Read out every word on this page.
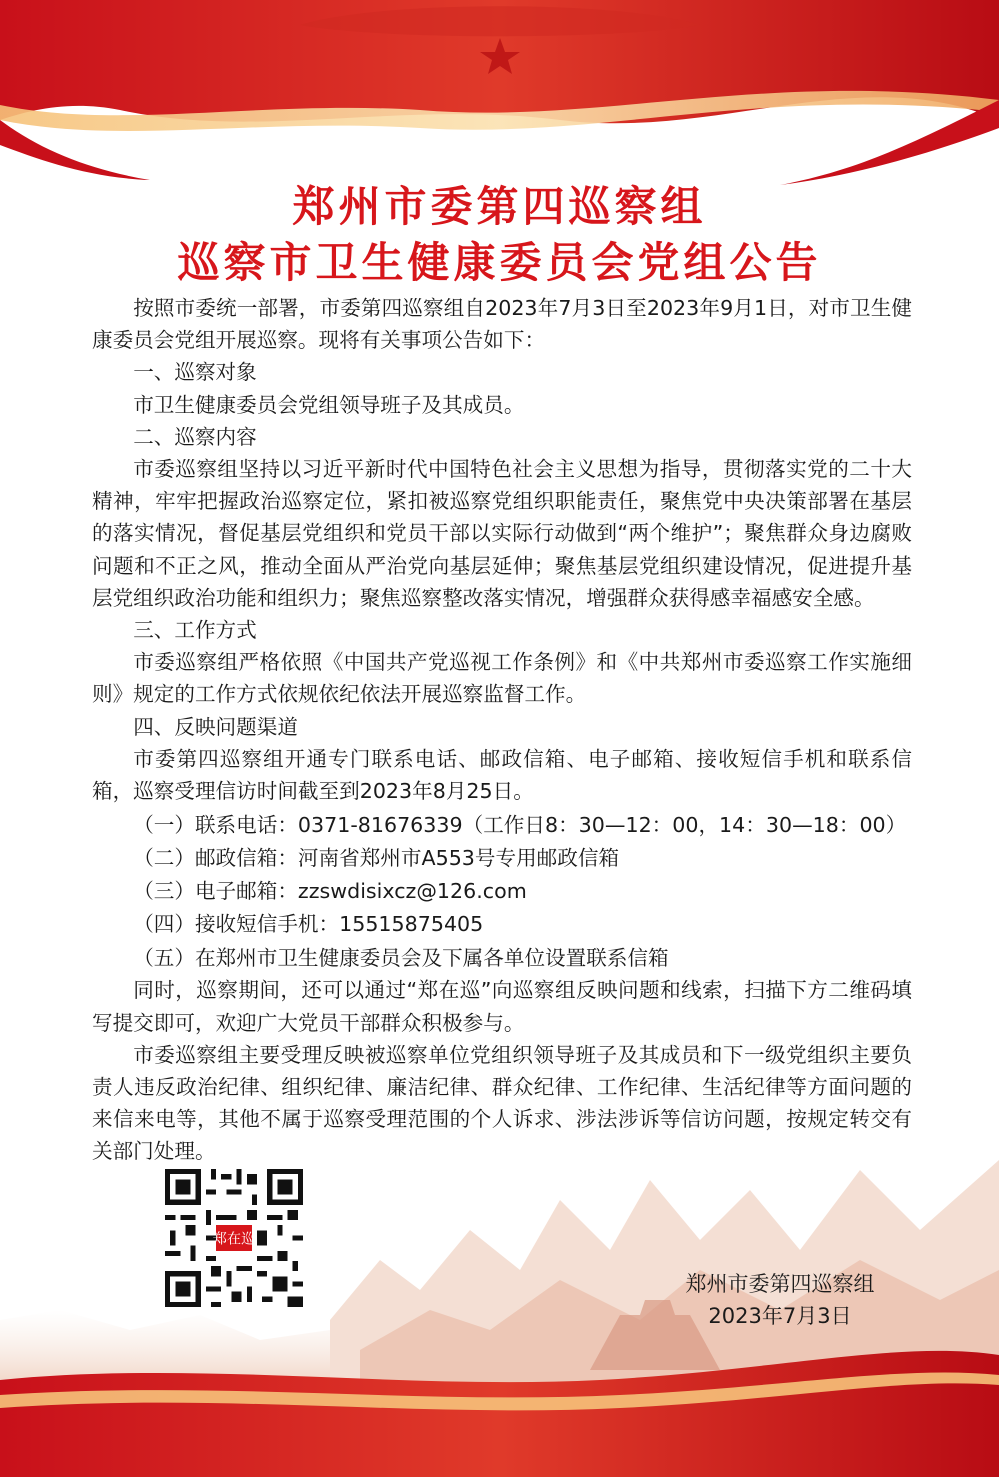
郑州市委第四巡察组
巡察市卫生健康委员会党组公告

按照市委统一部署，市委第四巡察组自2023年7月3日至2023年9月1日，对市卫生健康委员会党组开展巡察。现将有关事项公告如下：

一、巡察对象

市卫生健康委员会党组领导班子及其成员。

二、巡察内容

市委巡察组坚持以习近平新时代中国特色社会主义思想为指导，贯彻落实党的二十大精神，牢牢把握政治巡察定位，紧扣被巡察党组织职能责任，聚焦党中央决策部署在基层的落实情况，督促基层党组织和党员干部以实际行动做到“两个维护”；聚焦群众身边腐败问题和不正之风，推动全面从严治党向基层延伸；聚焦基层党组织建设情况，促进提升基层党组织政治功能和组织力；聚焦巡察整改落实情况，增强群众获得感幸福感安全感。

三、工作方式

市委巡察组严格依照《中国共产党巡视工作条例》和《中共郑州市委巡察工作实施细则》规定的工作方式依规依纪依法开展巡察监督工作。

四、反映问题渠道

市委第四巡察组开通专门联系电话、邮政信箱、电子邮箱、接收短信手机和联系信箱，巡察受理信访时间截至到2023年8月25日。

（一）联系电话：0371-81676339（工作日8：30—12：00，14：30—18：00）

（二）邮政信箱：河南省郑州市A553号专用邮政信箱

（三）电子邮箱：zzswdisixcz@126.com

（四）接收短信手机：15515875405

（五）在郑州市卫生健康委员会及下属各单位设置联系信箱

同时，巡察期间，还可以通过“郑在巡”向巡察组反映问题和线索，扫描下方二维码填写提交即可，欢迎广大党员干部群众积极参与。

市委巡察组主要受理反映被巡察单位党组织领导班子及其成员和下一级党组织主要负责人违反政治纪律、组织纪律、廉洁纪律、群众纪律、工作纪律、生活纪律等方面问题的来信来电等，其他不属于巡察受理范围的个人诉求、涉法涉诉等信访问题，按规定转交有关部门处理。

郑在巡
郑州市委第四巡察组
2023年7月3日
